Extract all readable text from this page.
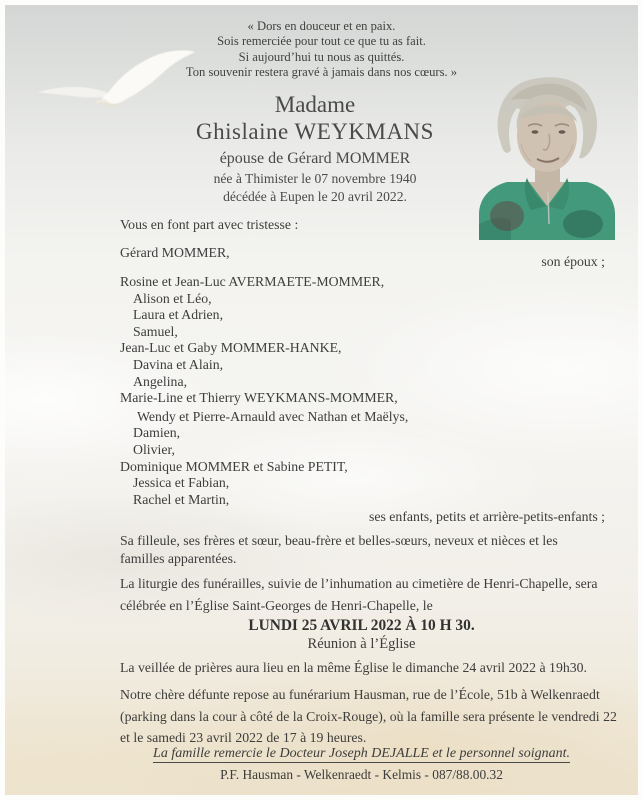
« Dors en douceur et en paix.
Sois remerciée pour tout ce que tu as fait.
Si aujourd’hui tu nous as quittés.
Ton souvenir restera gravé à jamais dans nos cœurs. »
Madame
Ghislaine WEYKMANS
épouse de Gérard MOMMER
née à Thimister le 07 novembre 1940
décédée à Eupen le 20 avril 2022.
Vous en font part avec tristesse :
Gérard MOMMER,
son époux ;
Rosine et Jean-Luc AVERMAETE-MOMMER,
Alison et Léo,
Laura et Adrien,
Samuel,
Jean-Luc et Gaby MOMMER-HANKE,
Davina et Alain,
Angelina,
Marie-Line et Thierry WEYKMANS-MOMMER,
Wendy et Pierre-Arnauld avec Nathan et Maëlys,
Damien,
Olivier,
Dominique MOMMER et Sabine PETIT,
Jessica et Fabian,
Rachel et Martin,
ses enfants, petits et arrière-petits-enfants ;
Sa filleule, ses frères et sœur, beau-frère et belles-sœurs, neveux et nièces et les familles apparentées.
La liturgie des funérailles, suivie de l’inhumation au cimetière de Henri-Chapelle, sera célébrée en l’Église Saint-Georges de Henri-Chapelle, le
LUNDI 25 AVRIL 2022 À 10 H 30.
Réunion à l’Église
La veillée de prières aura lieu en la même Église le dimanche 24 avril 2022 à 19h30.
Notre chère défunte repose au funérarium Hausman, rue de l’École, 51b à Welkenraedt (parking dans la cour à côté de la Croix-Rouge), où la famille sera présente le vendredi 22 et le samedi 23 avril 2022 de 17 à 19 heures.
La famille remercie le Docteur Joseph DEJALLE et le personnel soignant.
P.F. Hausman - Welkenraedt - Kelmis - 087/88.00.32
